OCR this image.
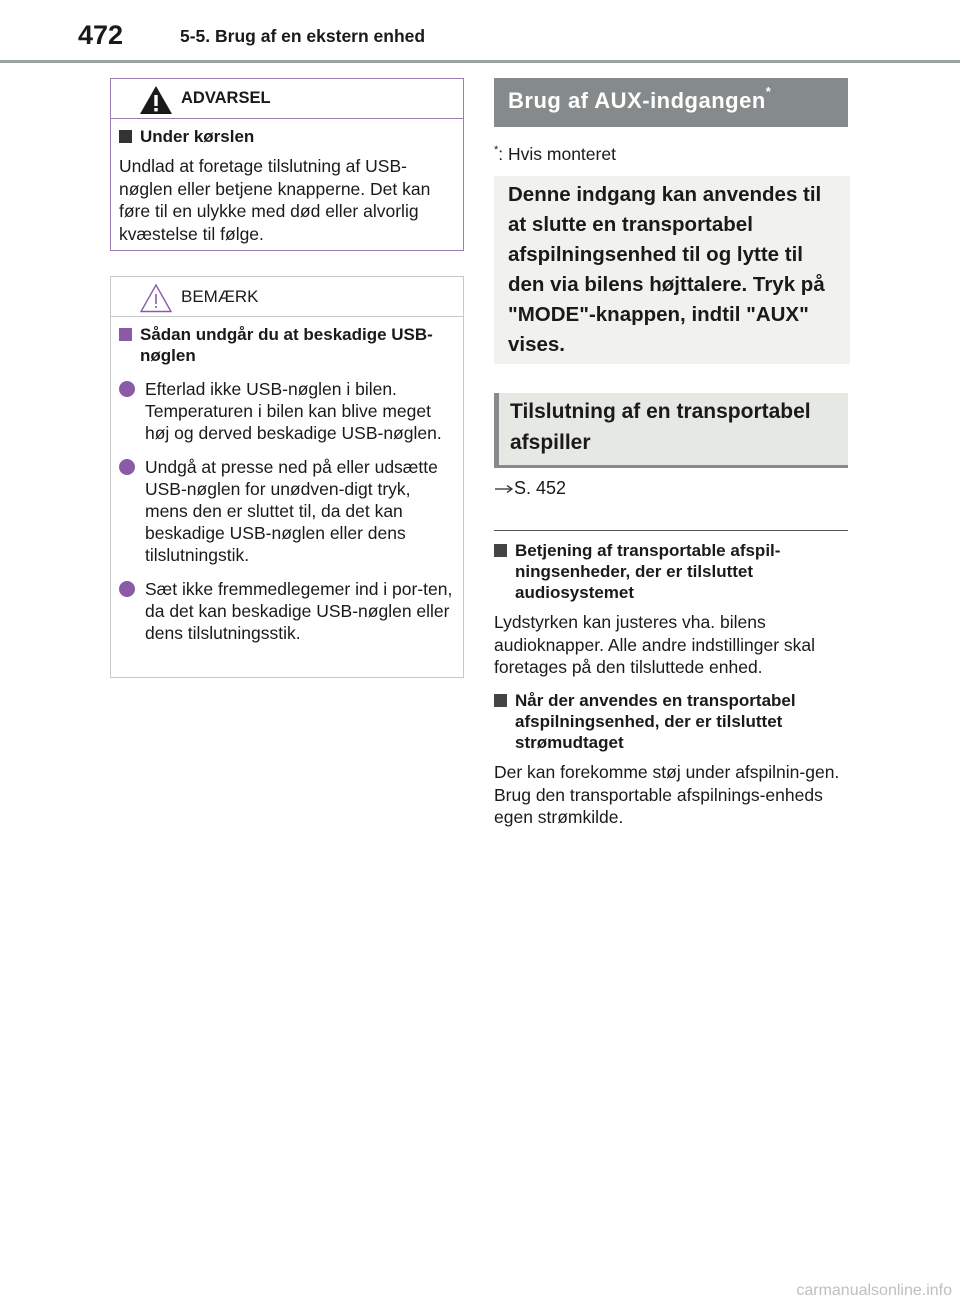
472	5-5. Brug af en ekstern enhed
ADVARSEL
Under kørslen
Undlad at foretage tilslutning af USB-nøglen eller betjene knapperne. Det kan føre til en ulykke med død eller alvorlig kvæstelse til følge.
BEMÆRK
Sådan undgår du at beskadige USB-nøglen
Efterlad ikke USB-nøglen i bilen. Temperaturen i bilen kan blive meget høj og derved beskadige USB-nøglen.
Undgå at presse ned på eller udsætte USB-nøglen for unødven-digt tryk, mens den er sluttet til, da det kan beskadige USB-nøglen eller dens tilslutningstik.
Sæt ikke fremmedlegemer ind i por-ten, da det kan beskadige USB-nøglen eller dens tilslutningsstik.
Brug af AUX-indgangen*
*: Hvis monteret
Denne indgang kan anvendes til at slutte en transportabel afspilningsenhed til og lytte til den via bilens højttalere. Tryk på "MODE"-knappen, indtil "AUX" vises.
Tilslutning af en transportabel afspiller
S. 452
Betjening af transportable afspil-ningsenheder, der er tilsluttet audiosystemet
Lydstyrken kan justeres vha. bilens audioknapper. Alle andre indstillinger skal foretages på den tilsluttede enhed.
Når der anvendes en transportabel afspilningsenhed, der er tilsluttet strømudtaget
Der kan forekomme støj under afspilnin-gen. Brug den transportable afspilnings-enheds egen strømkilde.
carmanualsonline.info
